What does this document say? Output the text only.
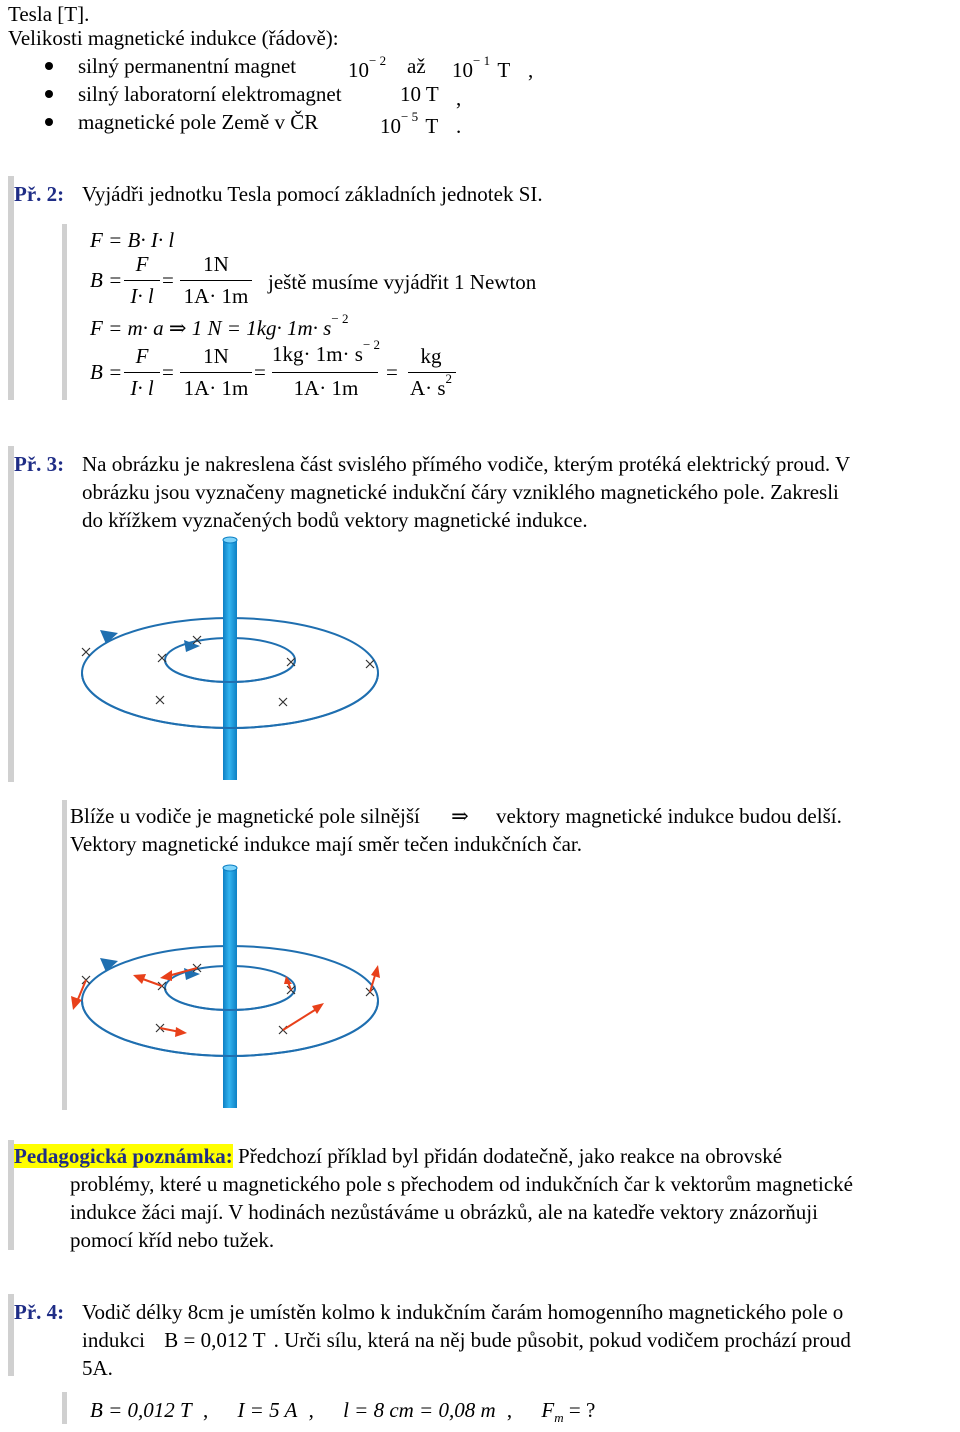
Tesla [T].
Velikosti magnetické indukce (řádově):
silný permanentní magnet $10^{- 2}$ až $10^{- 1}$ T ,
silný laboratorní elektromagnet	10 T ,
magnetické pole Země v ČR	$10^{- 5}$ T .
Př. 2: Vyjádři jednotku Tesla pomocí základních jednotek SI.
F = B· I· l
B =
F
I· l
=
1N
1A· 1m
ještě musíme vyjádřit 1 Newton
F = m· a ⇒ 1 $N = 1kg\cdot 1m\cdot s^{- 2}$
B =
F
I· l
=
1N
1A· 1m
=
$1kg\cdot 1m\cdot s^{- 2}$
1A· 1m
=
kg
$A\cdot s^2$
Př. 3: Na obrázku je nakreslena část svislého přímého vodiče, kterým protéká elektrický proud. V
obrázku jsou vyznačeny magnetické indukční čáry vzniklého magnetického pole. Zakresli
do křížkem vyznačených bodů vektory magnetické indukce.
Blíže u vodiče je magnetické pole silnější ⇒ vektory magnetické indukce budou delší.
Vektory magnetické indukce mají směr tečen indukčních čar.
Pedagogická poznámka: Předchozí příklad byl přidán dodatečně, jako reakce na obrovské
problémy, které u magnetického pole s přechodem od indukčních čar k vektorům magnetické
indukce žáci mají. V hodinách nezůstáváme u obrázků, ale na katedře vektory znázorňuji
pomocí kříd nebo tužek.
Př. 4: Vodič délky 8cm je umístěn kolmo k indukčním čarám homogenního magnetického pole o
indukci B = 0,012 T . Urči sílu, která na něj bude působit, pokud vodičem prochází proud
5A.
B = 0,012 T , I = 5 A , l = 8 cm = 0,08 m , $F_m$ = ?
